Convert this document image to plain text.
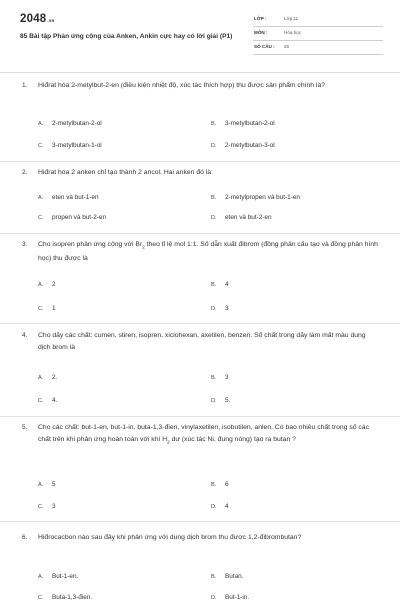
2048.vn
85 Bài tập Phản ứng cộng của Anken, Ankin cực hay có lời giải (P1)
LỚP :	Lớp 11
MÔN :	Hóa học
SỐ CÂU : 25
1. Hiđrat hóa 2-metylbut-2-en (điều kiện nhiệt độ, xúc tác thích hợp) thu được sản phẩm chính là?
A. 2-metylbutan-2-ol	B. 3-metylbutan-2-ol
C. 3-metylbutan-1-ol	D. 2-metylbutan-3-ol
2. Hiđrat hóa 2 anken chỉ tạo thành 2 ancol. Hai anken đó là:
A. eten và but-1-en	B. 2-metylpropen và but-1-en
C. propen và but-2-en	D. eten và but-2-en
3. Cho isopren phản ứng cộng với $Br_2$ theo tỉ lệ mol 1:1. Số dẫn xuất đibrom (đồng phân cấu tạo và đồng phân hình học) thu được là
A. 2	B. 4
C. 1	D. 3
4. Cho dãy các chất: cumen, stiren, isopren, xiclohexan, axetilen, benzen. Số chất trong dãy làm mất màu dung dịch brom là
A. 2.	B. 3
C. 4.	D. 5.
5. Cho các chất: but-1-en, but-1-in, buta-1,3-đien, vinylaxetilen, isobutilen, anlen. Có bao nhiêu chất trong số các chất trên khi phản ứng hoàn toàn với khí $H_2$ dư (xúc tác Ni, đung nóng) tạo ra butan ?
A. 5	B. 6
C. 3	D. 4
6. Hiđrocacbon nào sau đây khi phản ứng với dung dịch brom thu được 1,2-đibrombutan?
A. But-1-en.	B. Butan.
C. Buta-1,3-đien.	D. But-1-in.
